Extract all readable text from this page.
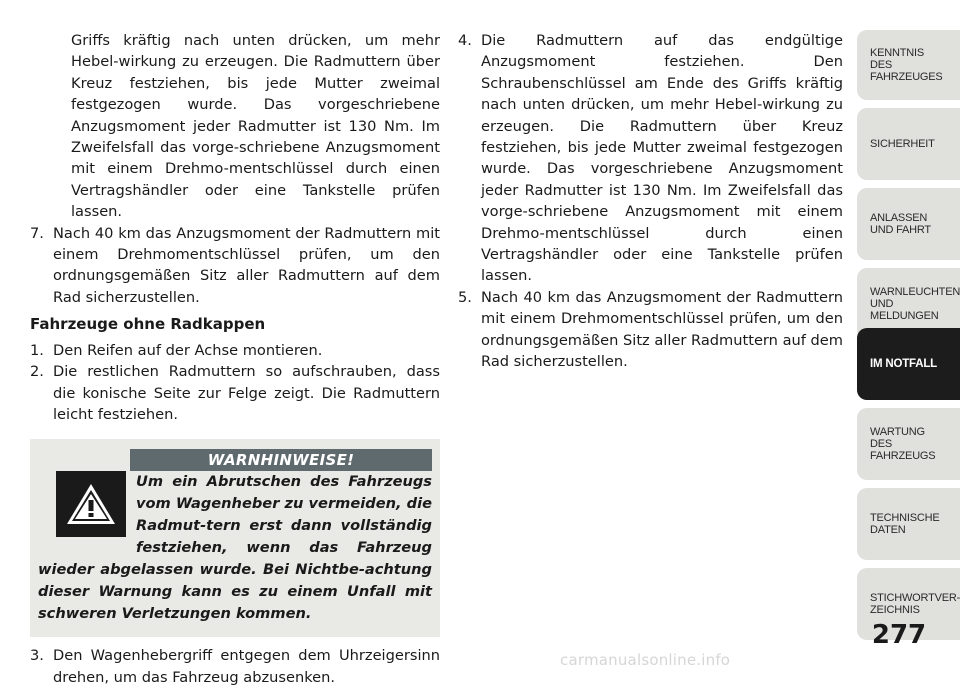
Griffs kräftig nach unten drücken, um mehr Hebel-wirkung zu erzeugen. Die Radmuttern über Kreuz festziehen, bis jede Mutter zweimal festgezogen wurde. Das vorgeschriebene Anzugsmoment jeder Radmutter ist 130 Nm. Im Zweifelsfall das vorge-schriebene Anzugsmoment mit einem Drehmo-mentschlüssel durch einen Vertragshändler oder eine Tankstelle prüfen lassen.

7. Nach 40 km das Anzugsmoment der Radmuttern mit einem Drehmomentschlüssel prüfen, um den ordnungsgemäßen Sitz aller Radmuttern auf dem Rad sicherzustellen.
Fahrzeuge ohne Radkappen
1. Den Reifen auf der Achse montieren.
2. Die restlichen Radmuttern so aufschrauben, dass die konische Seite zur Felge zeigt. Die Radmuttern leicht festziehen.
WARNHINWEISE!
Um ein Abrutschen des Fahrzeugs vom Wagenheber zu vermeiden, die Radmut-tern erst dann vollständig festziehen, wenn das Fahrzeug wieder abgelassen wurde. Bei Nichtbe-achtung dieser Warnung kann es zu einem Unfall mit schweren Verletzungen kommen.
3. Den Wagenhebergriff entgegen dem Uhrzeigersinn drehen, um das Fahrzeug abzusenken.
4. Die Radmuttern auf das endgültige Anzugsmoment festziehen. Den Schraubenschlüssel am Ende des Griffs kräftig nach unten drücken, um mehr Hebel-wirkung zu erzeugen. Die Radmuttern über Kreuz festziehen, bis jede Mutter zweimal festgezogen wurde. Das vorgeschriebene Anzugsmoment jeder Radmutter ist 130 Nm. Im Zweifelsfall das vorge-schriebene Anzugsmoment mit einem Drehmo-mentschlüssel durch einen Vertragshändler oder eine Tankstelle prüfen lassen.
5. Nach 40 km das Anzugsmoment der Radmuttern mit einem Drehmomentschlüssel prüfen, um den ordnungsgemäßen Sitz aller Radmuttern auf dem Rad sicherzustellen.
KENNTNIS
DES
FAHRZEUGES
SICHERHEIT
ANLASSEN
UND FAHRT
WARNLEUCHTEN
UND
MELDUNGEN
IM NOTFALL
WARTUNG
DES
FAHRZEUGS
TECHNISCHE
DATEN
STICHWORTVER-
ZEICHNIS
277
carmanualsonline.info
